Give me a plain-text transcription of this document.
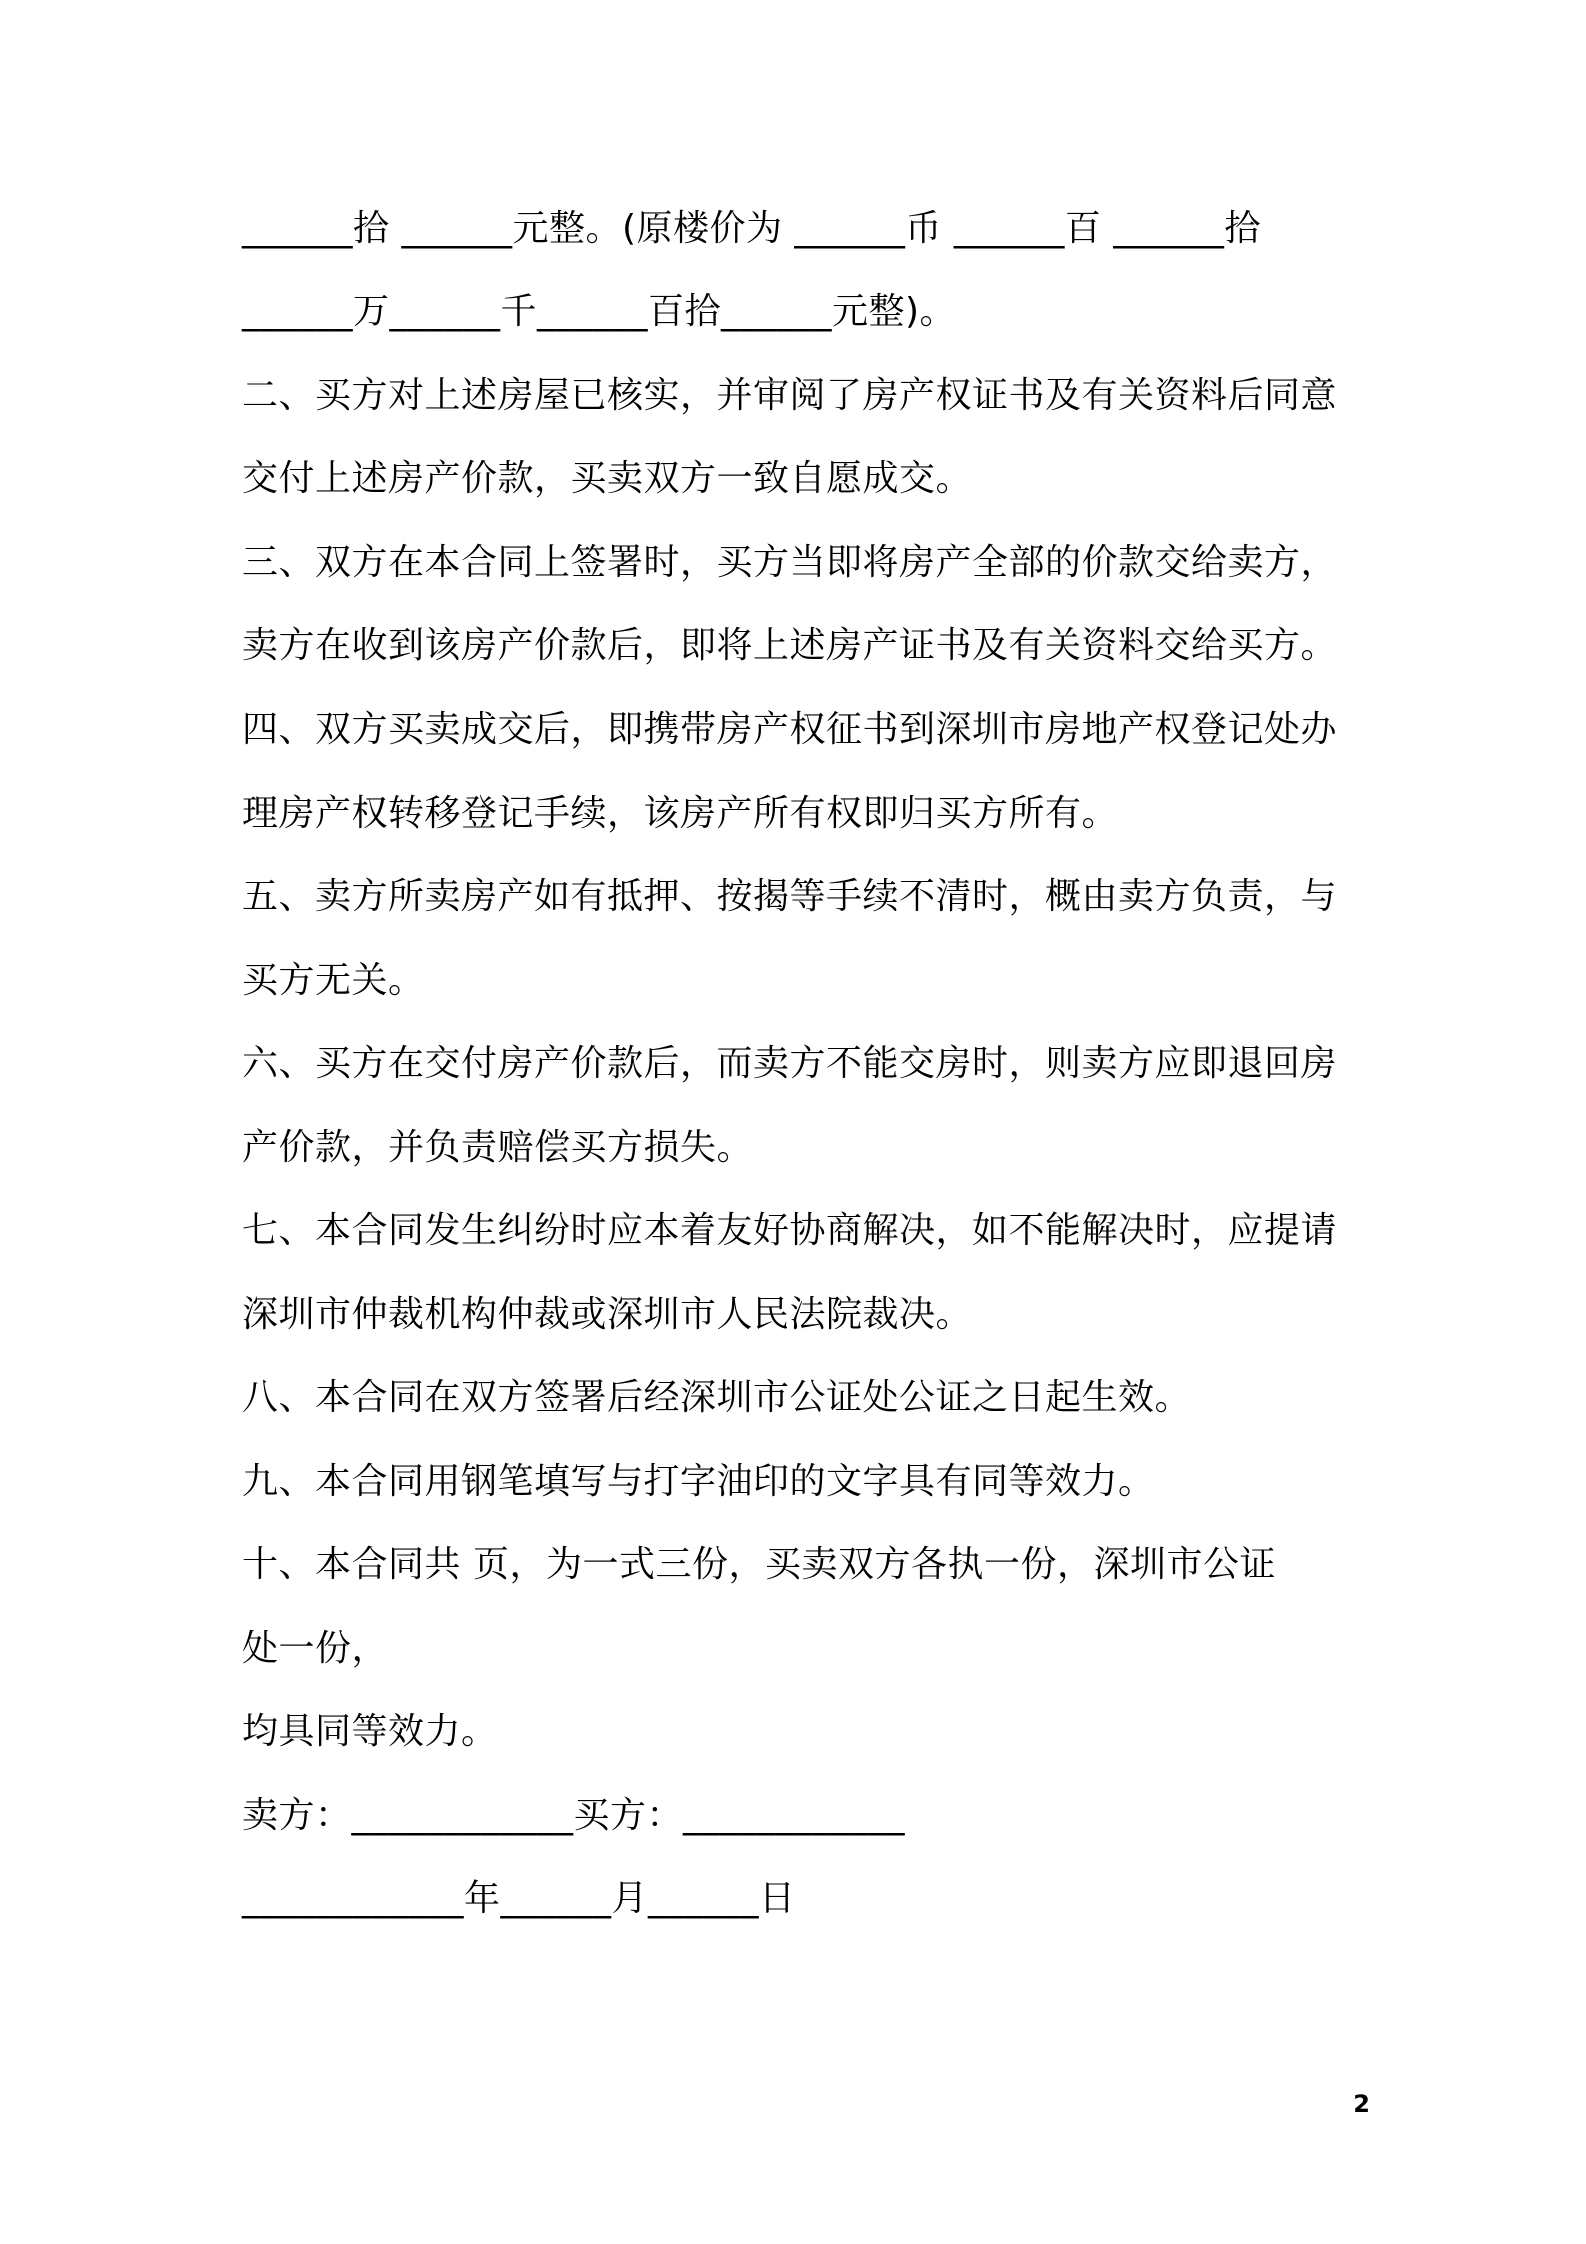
______拾 ______元整。(原楼价为 ______币 ______百 ______拾
______万______千______百拾______元整)。
二、买方对上述房屋已核实，并审阅了房产权证书及有关资料后同意
交付上述房产价款，买卖双方一致自愿成交。
三、双方在本合同上签署时，买方当即将房产全部的价款交给卖方，
卖方在收到该房产价款后，即将上述房产证书及有关资料交给买方。
四、双方买卖成交后，即携带房产权征书到深圳市房地产权登记处办
理房产权转移登记手续，该房产所有权即归买方所有。
五、卖方所卖房产如有抵押、按揭等手续不清时，概由卖方负责，与
买方无关。
六、买方在交付房产价款后，而卖方不能交房时，则卖方应即退回房
产价款，并负责赔偿买方损失。
七、本合同发生纠纷时应本着友好协商解决，如不能解决时，应提请
深圳市仲裁机构仲裁或深圳市人民法院裁决。
八、本合同在双方签署后经深圳市公证处公证之日起生效。
九、本合同用钢笔填写与打字油印的文字具有同等效力。
十、本合同共 页，为一式三份，买卖双方各执一份，深圳市公证
处一份，
均具同等效力。
卖方：____________买方：____________
____________年______月______日
2
